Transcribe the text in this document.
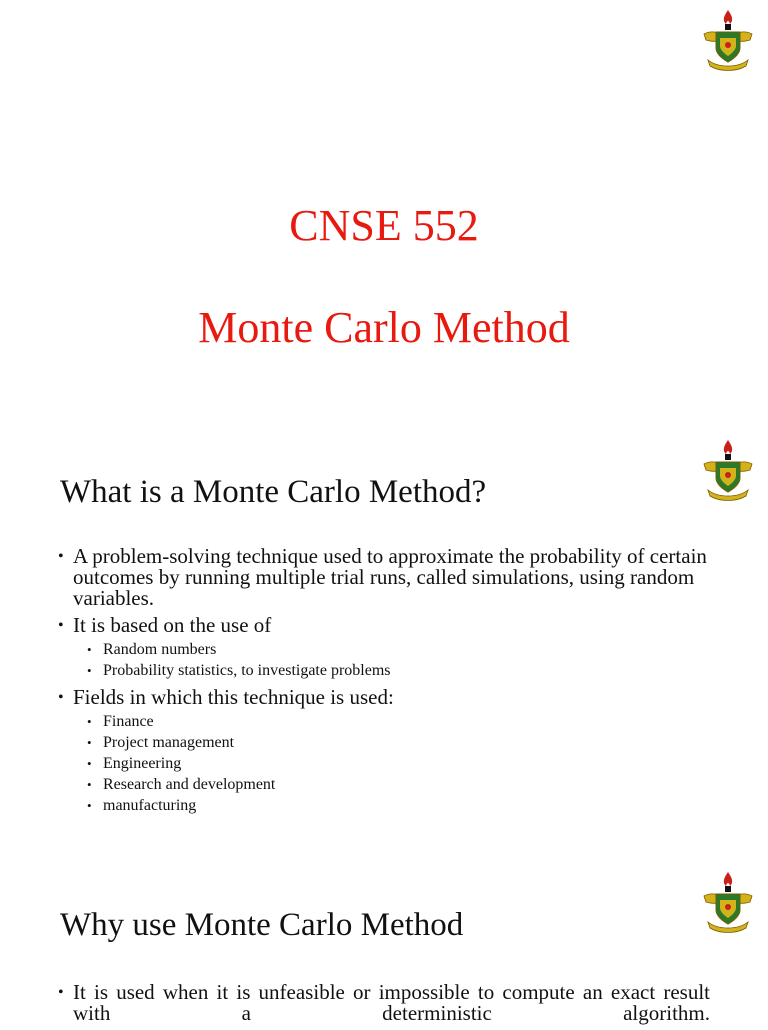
CNSE 552
Monte Carlo Method
What is a Monte Carlo Method?
• A problem-solving technique used to approximate the probability of certain outcomes by running multiple trial runs, called simulations, using random variables.
• It is based on the use of
• Random numbers
• Probability statistics, to investigate problems
• Fields in which this technique is used:
• Finance
• Project management
• Engineering
• Research and development
• manufacturing
Why use Monte Carlo Method
• It is used when it is unfeasible or impossible to compute an exact result with a deterministic algorithm.
